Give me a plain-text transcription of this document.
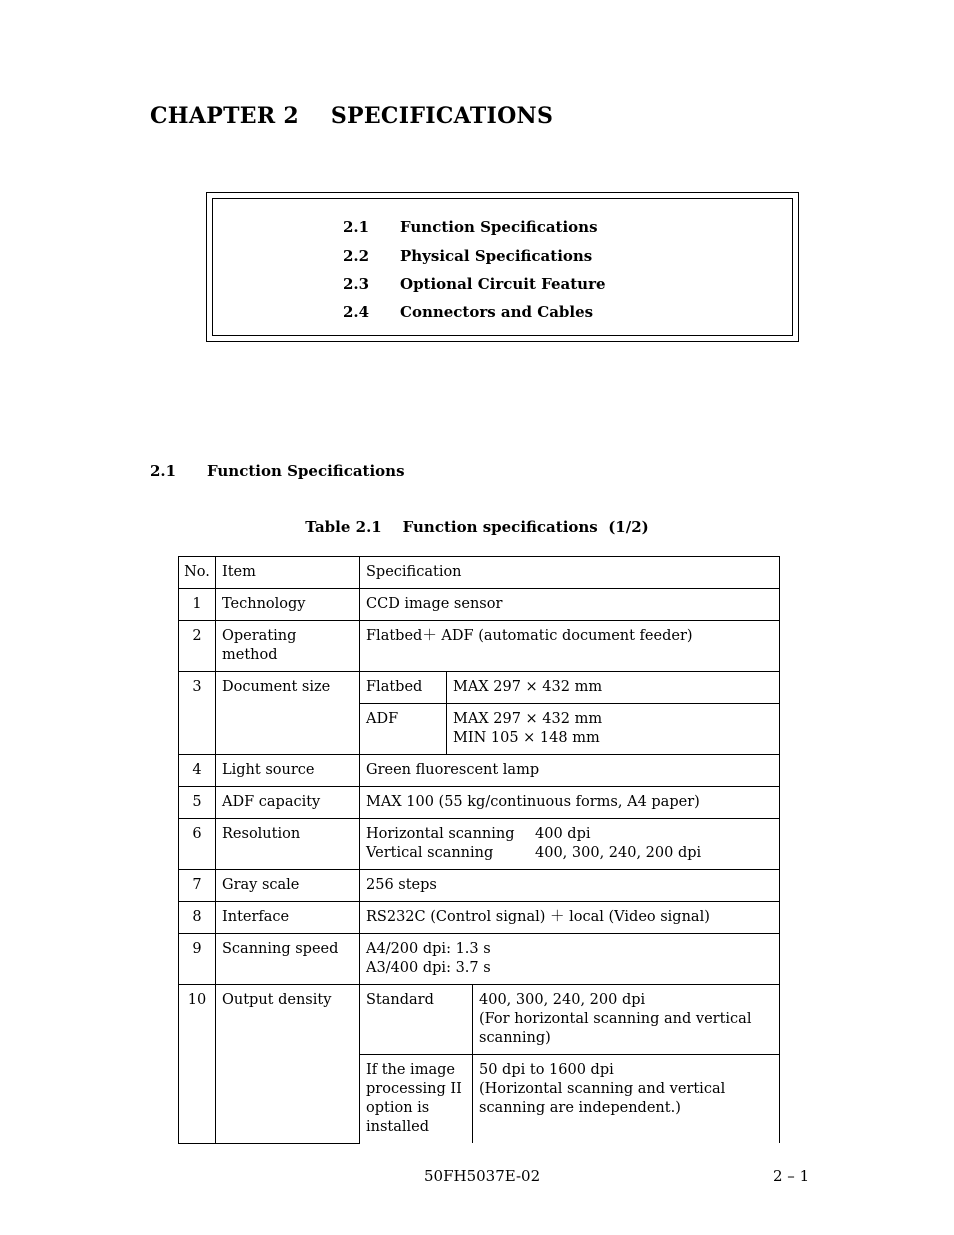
CHAPTER 2    SPECIFICATIONS
2.1 Function Specifications
2.2 Physical Specifications
2.3 Optional Circuit Feature
2.4 Connectors and Cables
2.1 Function Specifications
Table 2.1    Function specifications  (1/2)
No.	Item	Specification		
1	Technology	CCD image sensor		
2	Operating method	Flatbed＋ ADF (automatic document feeder)		
3	Document size	Flatbed	MAX 297 × 432 mm	
		ADF	MAX 297 × 432 mm
MIN 105 × 148 mm	

4	Light source	Green fluorescent lamp		
5	ADF capacity	MAX 100 (55 kg/continuous forms, A4 paper)		
6	Resolution	Horizontal scanning 400 dpi
Vertical scanning 400, 300, 240, 200 dpi		

7	Gray scale	256 steps		
8	Interface	RS232C (Control signal) ＋ local (Video signal)		
9	Scanning speed	A4/200 dpi: 1.3 s
A3/400 dpi: 3.7 s		

10	Output density	Standard		400, 300, 240, 200 dpi
(For horizontal scanning and vertical
scanning)

		If the image
processing II
option is
installed		50 dpi to 1600 dpi
(Horizontal scanning and vertical
scanning are independent.)
50FH5037E-02	2 – 1
